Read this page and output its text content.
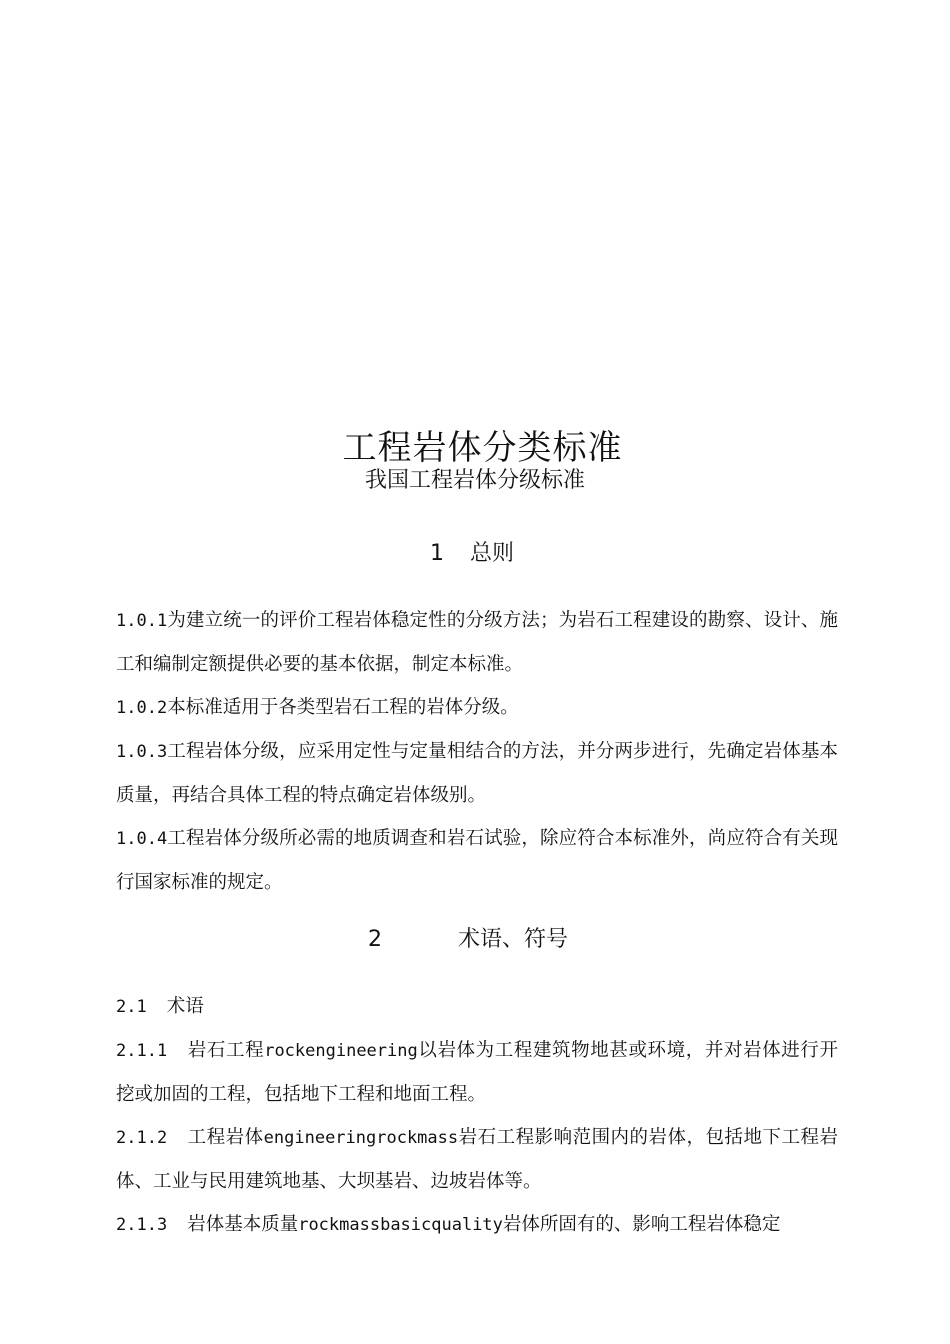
工程岩体分类标准
我国工程岩体分级标准
1 总则

1.0.1为建立统一的评价工程岩体稳定性的分级方法；为岩石工程建设的勘察、设计、施工和编制定额提供必要的基本依据，制定本标准。

1.0.2本标准适用于各类型岩石工程的岩体分级。

1.0.3工程岩体分级，应采用定性与定量相结合的方法，并分两步进行，先确定岩体基本质量，再结合具体工程的特点确定岩体级别。

1.0.4工程岩体分级所必需的地质调查和岩石试验，除应符合本标准外，尚应符合有关现行国家标准的规定。

2	术语、符号

2.1 术语

2.1.1 岩石工程rockengineering以岩体为工程建筑物地甚或环境，并对岩体进行开挖或加固的工程，包括地下工程和地面工程。

2.1.2 工程岩体engineeringrockmass岩石工程影响范围内的岩体，包括地下工程岩体、工业与民用建筑地基、大坝基岩、边坡岩体等。

2.1.3 岩体基本质量rockmassbasicquality岩体所固有的、影响工程岩体稳定
